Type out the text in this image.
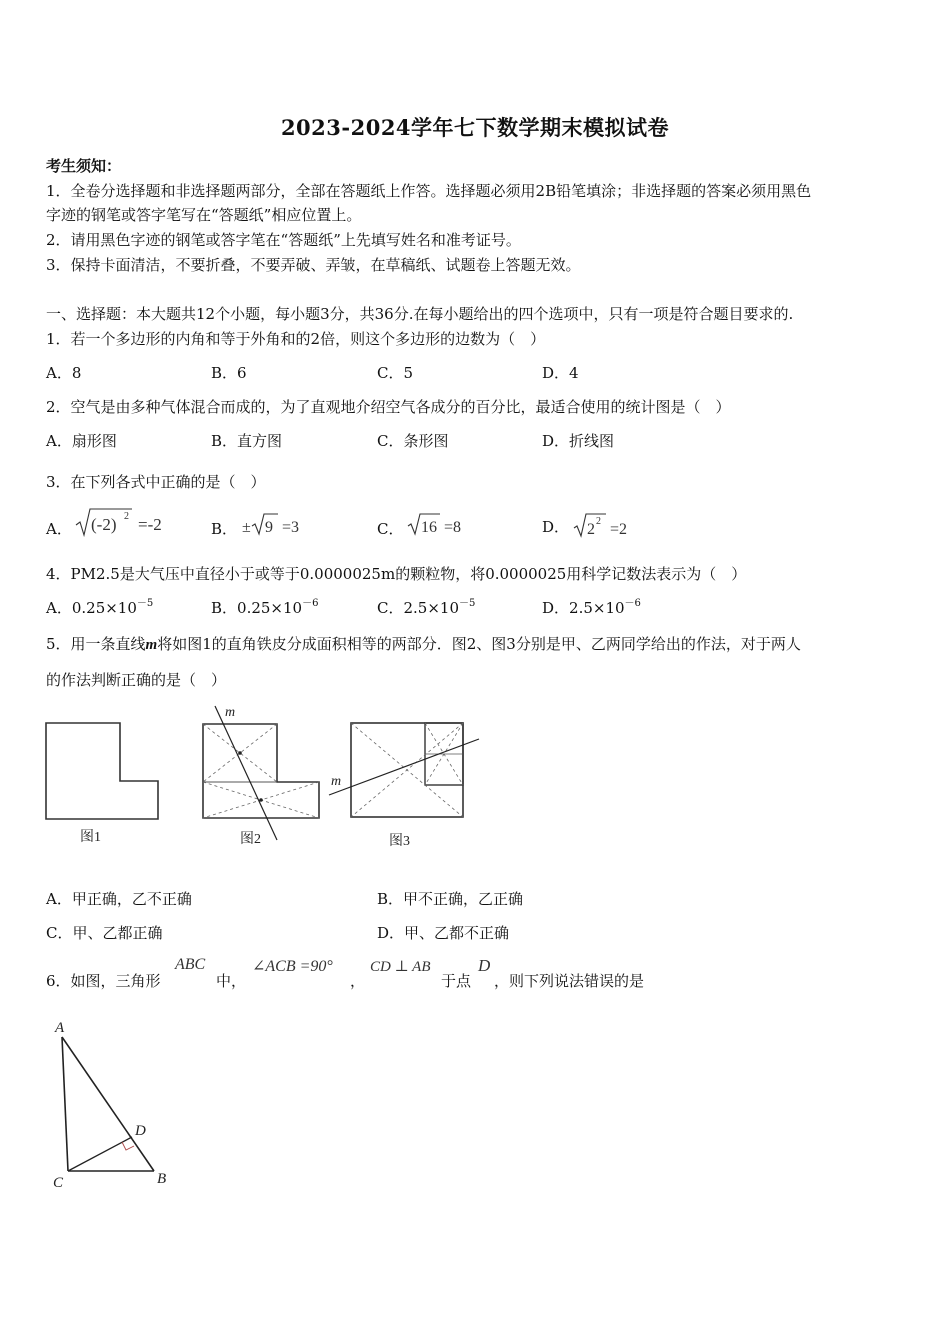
2023-2024学年七下数学期末模拟试卷
考生须知：
1．全卷分选择题和非选择题两部分，全部在答题纸上作答。选择题必须用2B铅笔填涂；非选择题的答案必须用黑色
字迹的钢笔或答字笔写在“答题纸”相应位置上。
2．请用黑色字迹的钢笔或答字笔在“答题纸”上先填写姓名和准考证号。
3．保持卡面清洁，不要折叠，不要弄破、弄皱，在草稿纸、试题卷上答题无效。
一、选择题：本大题共12个小题，每小题3分，共36分.在每小题给出的四个选项中，只有一项是符合题目要求的.
1．若一个多边形的内角和等于外角和的2倍，则这个多边形的边数为（　）
A．8	B．6	C．5	D．4
2．空气是由多种气体混合而成的，为了直观地介绍空气各成分的百分比，最适合使用的统计图是（　）
A．扇形图	B．直方图	C．条形图	D．折线图
3．在下列各式中正确的是（　）
A． (-2) 2 =-2	B． ± 9 =3	C． 16 =8	D． 2 2 =2
4．PM2.5是大气压中直径小于或等于0.0000025m的颗粒物，将0.0000025用科学记数法表示为（　）
A．$0.25\times 10^{-5}$	B．$0.25\times 10^{-6}$	C．$2.5\times 10^{-5}$	D．$2.5\times 10^{-6}$
5．用一条直线m将如图1的直角铁皮分成面积相等的两部分．图2、图3分别是甲、乙两同学给出的作法，对于两人
的作法判断正确的是（　）
图1
m
图2
m
图3
A．甲正确，乙不正确	B．甲不正确，乙正确
C．甲、乙都正确	D．甲、乙都不正确
6．如图，三角形
ABC
中，
∠ACB =90°
，
CD ⊥ AB
于点
D
，则下列说法错误的是
A
C	B
D
